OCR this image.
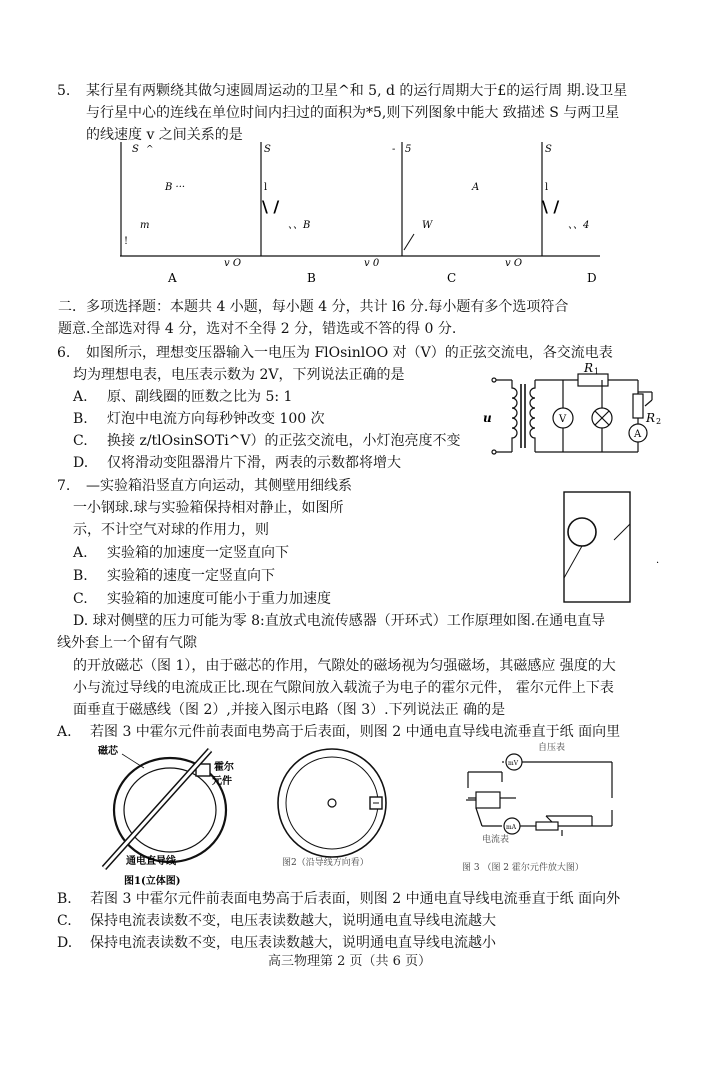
5. 某行星有两颗绕其做匀速圆周运动的卫星^和 5, d 的运行周期大于£的运行周 期.设卫星
与行星中心的连线在单位时间内扫过的面积为*5,则下列图象中能大 致描述 S 与两卫星
的线速度 v 之间关系的是
S
B ···
m
^
!
v O
A
S
l
\ /
、、B
-
v 0
B
5
A
W
v O
C
S
l
\ /
、、4
D
二．多项选择题：本题共 4 小题，每小题 4 分，共计 l6 分.每小题有多个选项符合
题意.全部选对得 4 分，选对不全得 2 分，错选或不答的得 0 分.
6. 如图所示，理想变压器输入一电压为 FlOsinlOO 对（V）的正弦交流电，各交流电表
均为理想电表，电压表示数为 2V，下列说法正确的是
A. 原、副线圈的匝数之比为 5: 1
B. 灯泡中电流方向每秒钟改变 100 次
C. 换接 z/tlOsinSOTi^V）的正弦交流电，小灯泡亮度不变
D. 仅将滑动变阻器滑片下滑，两表的示数都将增大
R 1
R 2
u	V
A
7. —实验箱沿竖直方向运动，其侧壁用细线系
一小钢球.球与实验箱保持相对静止，如图所
示，不计空气对球的作用力，则
A. 实验箱的加速度一定竖直向下
B. 实验箱的速度一定竖直向下
C. 实验箱的加速度可能小于重力加速度
D. 球对侧壁的压力可能为零 8:直放式电流传感器（开环式）工作原理如图.在通电直导
线外套上一个留有气隙
的开放磁芯（图 1），由于磁芯的作用，气隙处的磁场视为匀强磁场，其磁感应 强度的大
小与流过导线的电流成正比.现在气隙间放入载流子为电子的霍尔元件， 霍尔元件上下表
面垂直于磁感线（图 2）,并接入图示电路（图 3）.下列说法正 确的是
·
A. 若图 3 中霍尔元件前表面电势高于后表面，则图 2 中通电直导线电流垂直于纸 面向里
磁芯
霍尔
元件
通电直导线
图1(立体图)
图2（沿导线方向看）
自压表
mV
mA
电流表
图 3 （图 2 霍尔元件放大图）
B. 若图 3 中霍尔元件前表面电势高于后表面，则图 2 中通电直导线电流垂直于纸 面向外
C. 保持电流表读数不变，电压表读数越大，说明通电直导线电流越大
D. 保持电流表读数不变，电压表读数越大，说明通电直导线电流越小
高三物理第 2 页（共 6 页）
